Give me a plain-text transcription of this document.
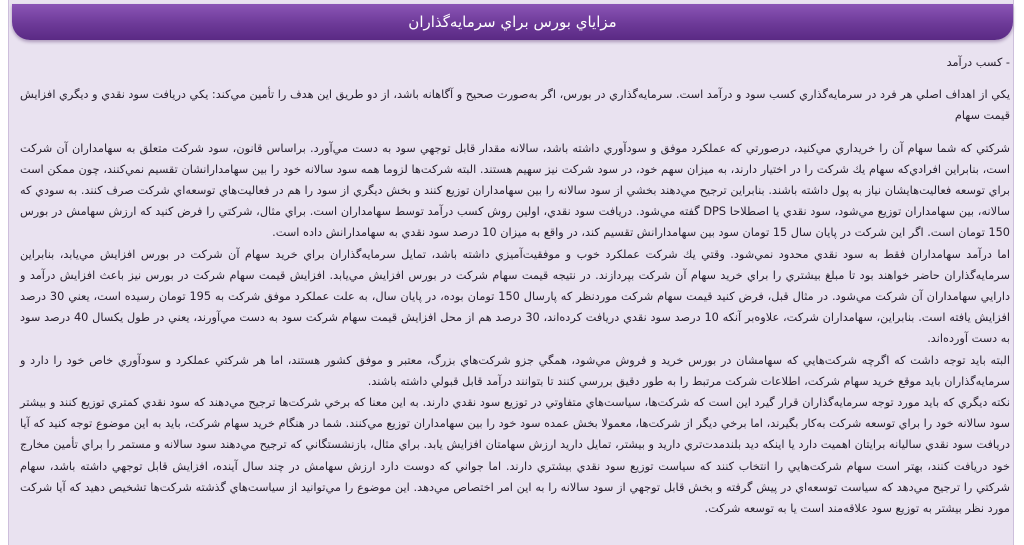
مزاياي بورس براي سرمايه‌گذاران

- كسب درآمد

يكي از اهداف اصلي هر فرد در سرمايه‌گذاري كسب سود و درآمد است. سرمايه‌گذاري در بورس، اگر به‌صورت صحيح و آگاهانه باشد، از دو طريق اين هدف را تأمين مي‌كند: يكي دريافت سود نقدي و ديگري افزايش قيمت سهام

شركتي كه شما سهام آن را خريداري مي‌كنيد، درصورتي كه عملكرد موفق و سودآوري داشته باشد، سالانه مقدار قابل توجهي سود به دست مي‌آورد. براساس قانون، سود شركت متعلق به سهامداران آن شركت است، بنابراين افرادي‌كه سهام يك شركت را در اختيار دارند، به ميزان سهم خود، در سود شركت نيز سهيم هستند. البته شركت‌ها لزوما همه سود سالانه خود را بين سهامدارانشان تقسيم نمي‌كنند، چون ممكن است براي توسعه فعاليت‌هايشان نياز به پول داشته باشند. بنابراين ترجيح مي‌دهند بخشي از سود سالانه را بين سهامداران توزيع كنند و بخش ديگري از سود را هم در فعاليت‌هاي توسعه‌اي شركت صرف كنند. به سودي كه سالانه، بين سهامداران توزيع مي‌شود، سود نقدي يا اصطلاحا DPS گفته مي‌شود. دريافت سود نقدي، اولين روش كسب درآمد توسط سهامداران است. براي مثال، شركتي را فرض كنيد كه ارزش سهامش در بورس 150 تومان است. اگر اين شركت در پايان سال 15 تومان سود بين سهامدارانش تقسيم كند، در واقع به ميزان 10 درصد سود نقدي به سهامدارانش داده است.

اما درآمد سهامداران فقط به سود نقدي محدود نمي‌شود. وقتي يك شركت عملكرد خوب و موفقيت‌آميزي داشته باشد، تمايل سرمايه‌گذاران براي خريد سهام آن شركت در بورس افزايش مي‌يابد، بنابراين سرمايه‌گذاران حاضر خواهند بود تا مبلغ بيشتري را براي خريد سهام آن شركت بپردازند. در نتيجه قيمت سهام شركت در بورس افزايش مي‌يابد. افزايش قيمت سهام شركت در بورس نيز باعث افزايش درآمد و دارايي سهامداران آن شركت مي‌شود. در مثال قبل، فرض كنيد قيمت سهام شركت موردنظر كه پارسال 150 تومان بوده، در پايان سال، به علت عملكرد موفق شركت به 195 تومان رسيده است، يعني 30 درصد افزايش يافته است. بنابراين، سهامداران شركت، علاوه‌بر آنكه 10 درصد سود نقدي دريافت كرده‌اند، 30 درصد هم از محل افزايش قيمت سهام شركت سود به دست مي‌آورند، يعني در طول يكسال 40 درصد سود به دست آورده‌اند.

البته بايد توجه داشت كه اگرچه شركت‌هايي كه سهامشان در بورس خريد و فروش مي‌شود، همگي جزو شركت‌هاي بزرگ، معتبر و موفق كشور هستند، اما هر شركتي عملكرد و سودآوري خاص خود را دارد و سرمايه‌گذاران بايد موقع خريد سهام شركت، اطلاعات شركت مرتبط را به طور دقيق بررسي كنند تا بتوانند درآمد قابل قبولي داشته باشند.

نكته ديگري كه بايد مورد توجه سرمايه‌گذاران قرار گيرد اين است كه شركت‌ها، سياست‌هاي متفاوتي در توزيع سود نقدي دارند. به اين معنا كه برخي شركت‌ها ترجيح مي‌دهند كه سود نقدي كمتري توزيع كنند و بيشتر سود سالانه خود را براي توسعه شركت به‌كار بگيرند، اما برخي ديگر از شركت‌ها، معمولا بخش عمده سود خود را بين سهامداران توزيع مي‌كنند. شما در هنگام خريد سهام شركت، بايد به اين موضوع توجه كنيد كه آيا دريافت سود نقدي سالیانه برايتان اهميت دارد يا اينكه ديد بلندمدت‌تري داريد و بيشتر، تمايل داريد ارزش سهامتان افزايش يابد. براي مثال، بازنشستگاني كه ترجيح مي‌دهند سود سالانه و مستمر را براي تأمين مخارج خود دريافت كنند، بهتر است سهام شركت‌هايي را انتخاب كنند كه سياست توزيع سود نقدي بيشتري دارند. اما جواني كه دوست دارد ارزش سهامش در چند سال آينده، افزايش قابل توجهي داشته باشد، سهام شركتي را ترجيح مي‌دهد كه سياست توسعه‌اي در پيش گرفته و بخش قابل توجهي از سود سالانه را به اين امر اختصاص مي‌دهد. اين موضوع را مي‌توانيد از سياست‌هاي گذشته شركت‌ها تشخيص دهيد كه آيا شركت مورد نظر بيشتر به توزيع سود علاقه‌مند است يا به توسعه شركت.
